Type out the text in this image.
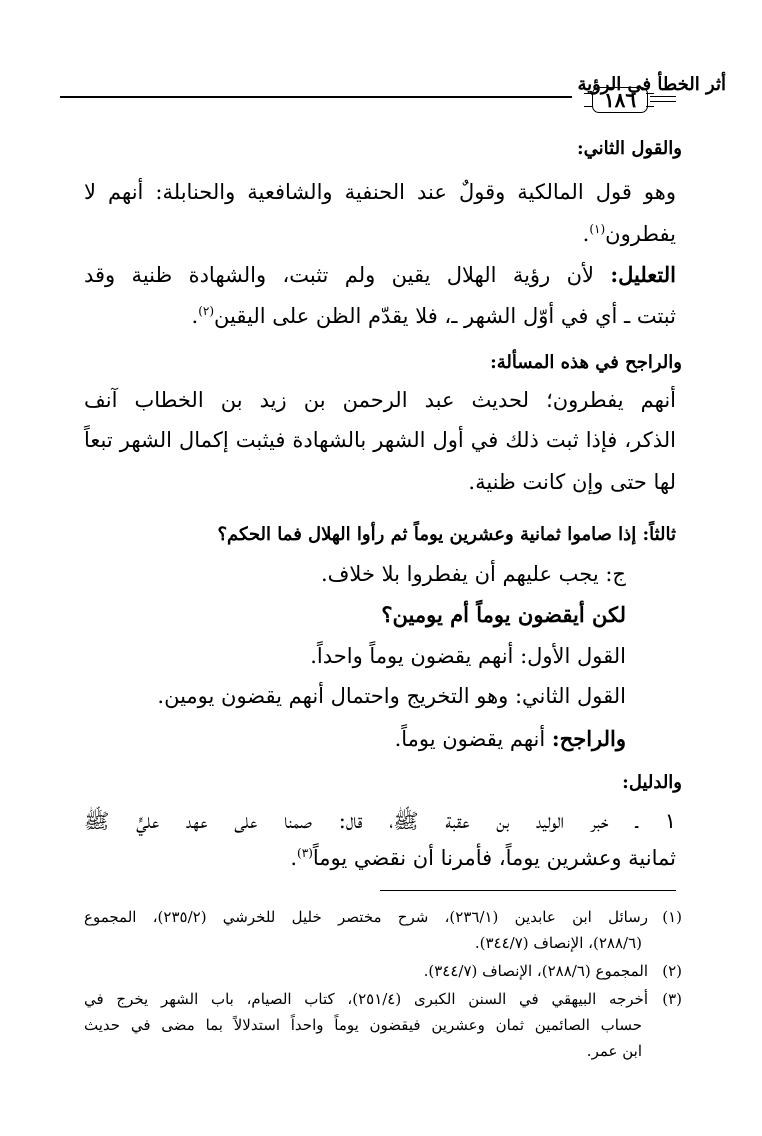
أثر الخطأ في الرؤية
١٨٦
والقول الثاني:
وهو قول المالكية وقولٌ عند الحنفية والشافعية والحنابلة: أنهم لا
يفطرون$^{(١)}$.
التعليل: لأن رؤية الهلال يقين ولم تثبت، والشهادة ظنية وقد
ثبتت ـ أي في أوّل الشهر ـ، فلا يقدّم الظن على اليقين$^{(٢)}$.
والراجح في هذه المسألة:
أنهم يفطرون؛ لحديث عبد الرحمن بن زيد بن الخطاب آنف
الذكر، فإذا ثبت ذلك في أول الشهر بالشهادة فيثبت إكمال الشهر تبعاً
لها حتى وإن كانت ظنية.
ثالثاً: إذا صاموا ثمانية وعشرين يوماً ثم رأوا الهلال فما الحكم؟
ج: يجب عليهم أن يفطروا بلا خلاف.
لكن أيقضون يوماً أم يومين؟
القول الأول: أنهم يقضون يوماً واحداً.
القول الثاني: وهو التخريج واحتمال أنهم يقضون يومين.
والراجح: أنهم يقضون يوماً.
والدليل:
١ ـ خبر الوليد بن عقبة ﷺ، قال: صمنا على عهد عليٍّ ﷺ
ثمانية وعشرين يوماً، فأمرنا أن نقضي يوماً$^{(٣)}$.
(١)رسائل ابن عابدين (٢٣٦/١)، شرح مختصر خليل للخرشي (٢٣٥/٢)، المجموع
(٢٨٨/٦)، الإنصاف (٣٤٤/٧).
(٢)المجموع (٢٨٨/٦)، الإنصاف (٣٤٤/٧).
(٣)أخرجه البيهقي في السنن الكبرى (٢٥١/٤)، كتاب الصيام، باب الشهر يخرج في
حساب الصائمين ثمان وعشرين فيقضون يوماً واحداً استدلالاً بما مضى في حديث
ابن عمر.
